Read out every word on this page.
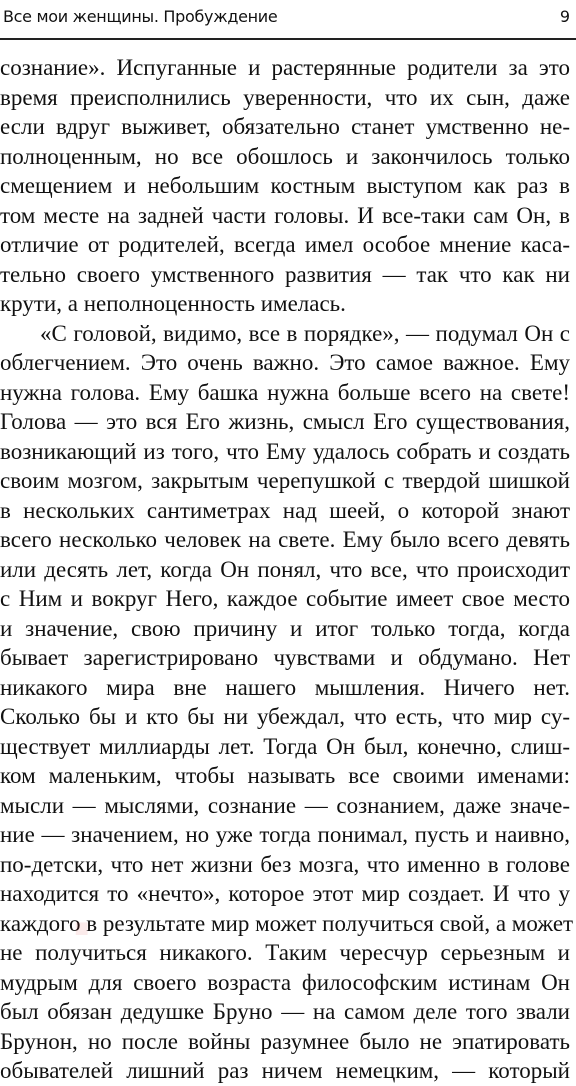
Все мои женщины. Пробуждение	9
сознание». Испуганные и растерянные родители за это
время преисполнились уверенности, что их сын, даже
если вдруг выживет, обязательно станет умственно не-
полноценным, но все обошлось и закончилось только
смещением и небольшим костным выступом как раз в
том месте на задней части головы. И все-таки сам Он, в
отличие от родителей, всегда имел особое мнение каса-
тельно своего умственного развития — так что как ни
крути, а неполноценность имелась.
«С головой, видимо, все в порядке», — подумал Он с
облегчением. Это очень важно. Это самое важное. Ему
нужна голова. Ему башка нужна больше всего на свете!
Голова — это вся Его жизнь, смысл Его существования,
возникающий из того, что Ему удалось собрать и создать
своим мозгом, закрытым черепушкой с твердой шишкой
в нескольких сантиметрах над шеей, о которой знают
всего несколько человек на свете. Ему было всего девять
или десять лет, когда Он понял, что все, что происходит
с Ним и вокруг Него, каждое событие имеет свое место
и значение, свою причину и итог только тогда, когда
бывает зарегистрировано чувствами и обдумано. Нет
никакого мира вне нашего мышления. Ничего нет.
Сколько бы и кто бы ни убеждал, что есть, что мир су-
ществует миллиарды лет. Тогда Он был, конечно, слиш-
ком маленьким, чтобы называть все своими именами:
мысли — мыслями, сознание — сознанием, даже значе-
ние — значением, но уже тогда понимал, пусть и наивно,
по-детски, что нет жизни без мозга, что именно в голове
находится то «нечто», которое этот мир создает. И что у
каждого в результате мир может получиться свой, а может
не получиться никакого. Таким чересчур серьезным и
мудрым для своего возраста философским истинам Он
был обязан дедушке Бруно — на самом деле того звали
Брунон, но после войны разумнее было не эпатировать
обывателей лишний раз ничем немецким, — который
·
